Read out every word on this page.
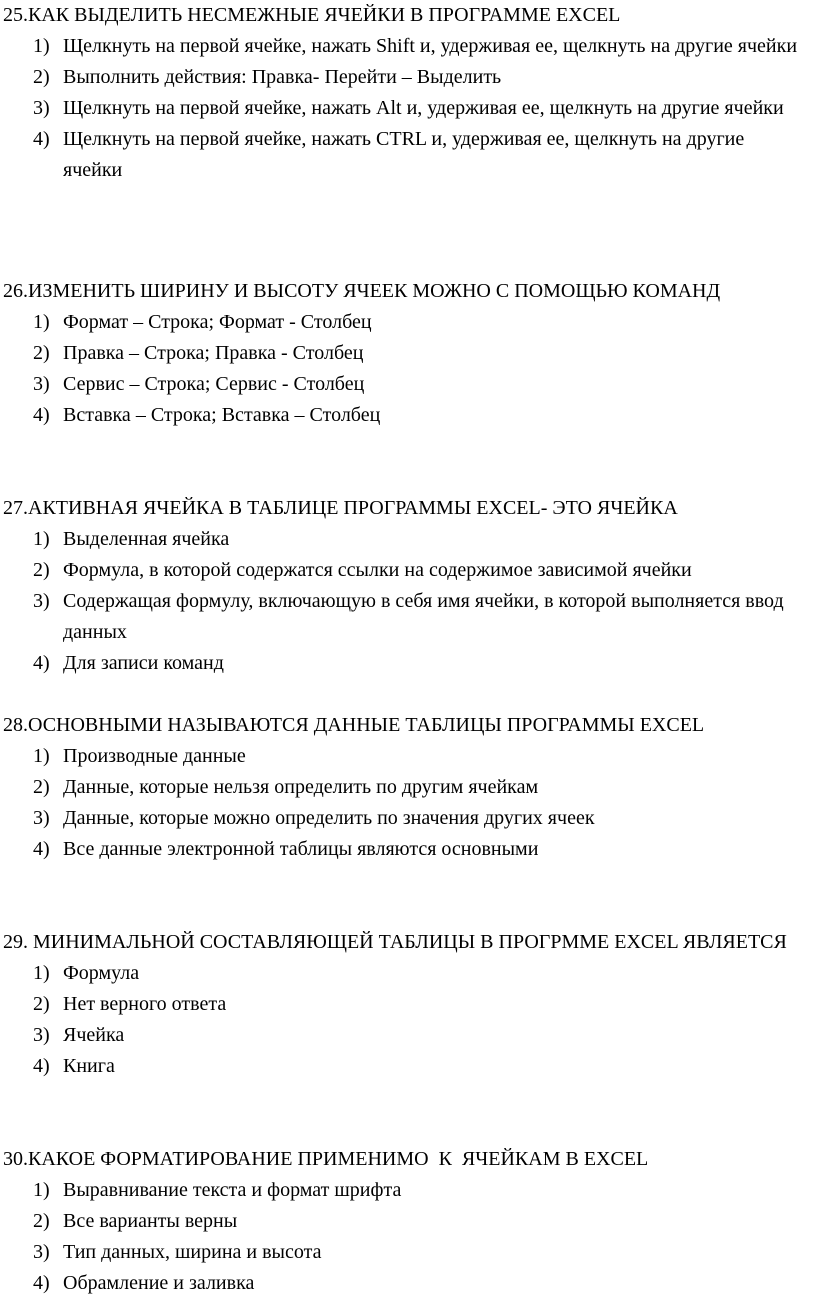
25.КАК ВЫДЕЛИТЬ НЕСМЕЖНЫЕ ЯЧЕЙКИ В ПРОГРАММЕ EXCEL

1) Щелкнуть на первой ячейке, нажать Shift и, удерживая ее, щелкнуть на другие ячейки
2) Выполнить действия: Правка- Перейти – Выделить
3) Щелкнуть на первой ячейке, нажать Alt и, удерживая ее, щелкнуть на другие ячейки
4) Щелкнуть на первой ячейке, нажать CTRL и, удерживая ее, щелкнуть на другие ячейки

26.ИЗМЕНИТЬ ШИРИНУ И ВЫСОТУ ЯЧЕЕК МОЖНО С ПОМОЩЬЮ КОМАНД

1) Формат – Строка; Формат - Столбец
2) Правка – Строка; Правка - Столбец
3) Сервис – Строка; Сервис - Столбец
4) Вставка – Строка; Вставка – Столбец

27.АКТИВНАЯ ЯЧЕЙКА В ТАБЛИЦЕ ПРОГРАММЫ EXCEL- ЭТО ЯЧЕЙКА

1) Выделенная ячейка
2) Формула, в которой содержатся ссылки на содержимое зависимой ячейки
3) Содержащая формулу, включающую в себя имя ячейки, в которой выполняется ввод данных
4) Для записи команд

28.ОСНОВНЫМИ НАЗЫВАЮТСЯ ДАННЫЕ ТАБЛИЦЫ ПРОГРАММЫ EXCEL

1) Производные данные
2) Данные, которые нельзя определить по другим ячейкам
3) Данные, которые можно определить по значения других ячеек
4) Все данные электронной таблицы являются основными

29. МИНИМАЛЬНОЙ СОСТАВЛЯЮЩЕЙ ТАБЛИЦЫ В ПРОГРММЕ EXCEL ЯВЛЯЕТСЯ

1) Формула
2) Нет верного ответа
3) Ячейка
4) Книга

30.КАКОЕ ФОРМАТИРОВАНИЕ ПРИМЕНИМО  К  ЯЧЕЙКАМ В EXCEL

1) Выравнивание текста и формат шрифта
2) Все варианты верны
3) Тип данных, ширина и высота
4) Обрамление и заливка
